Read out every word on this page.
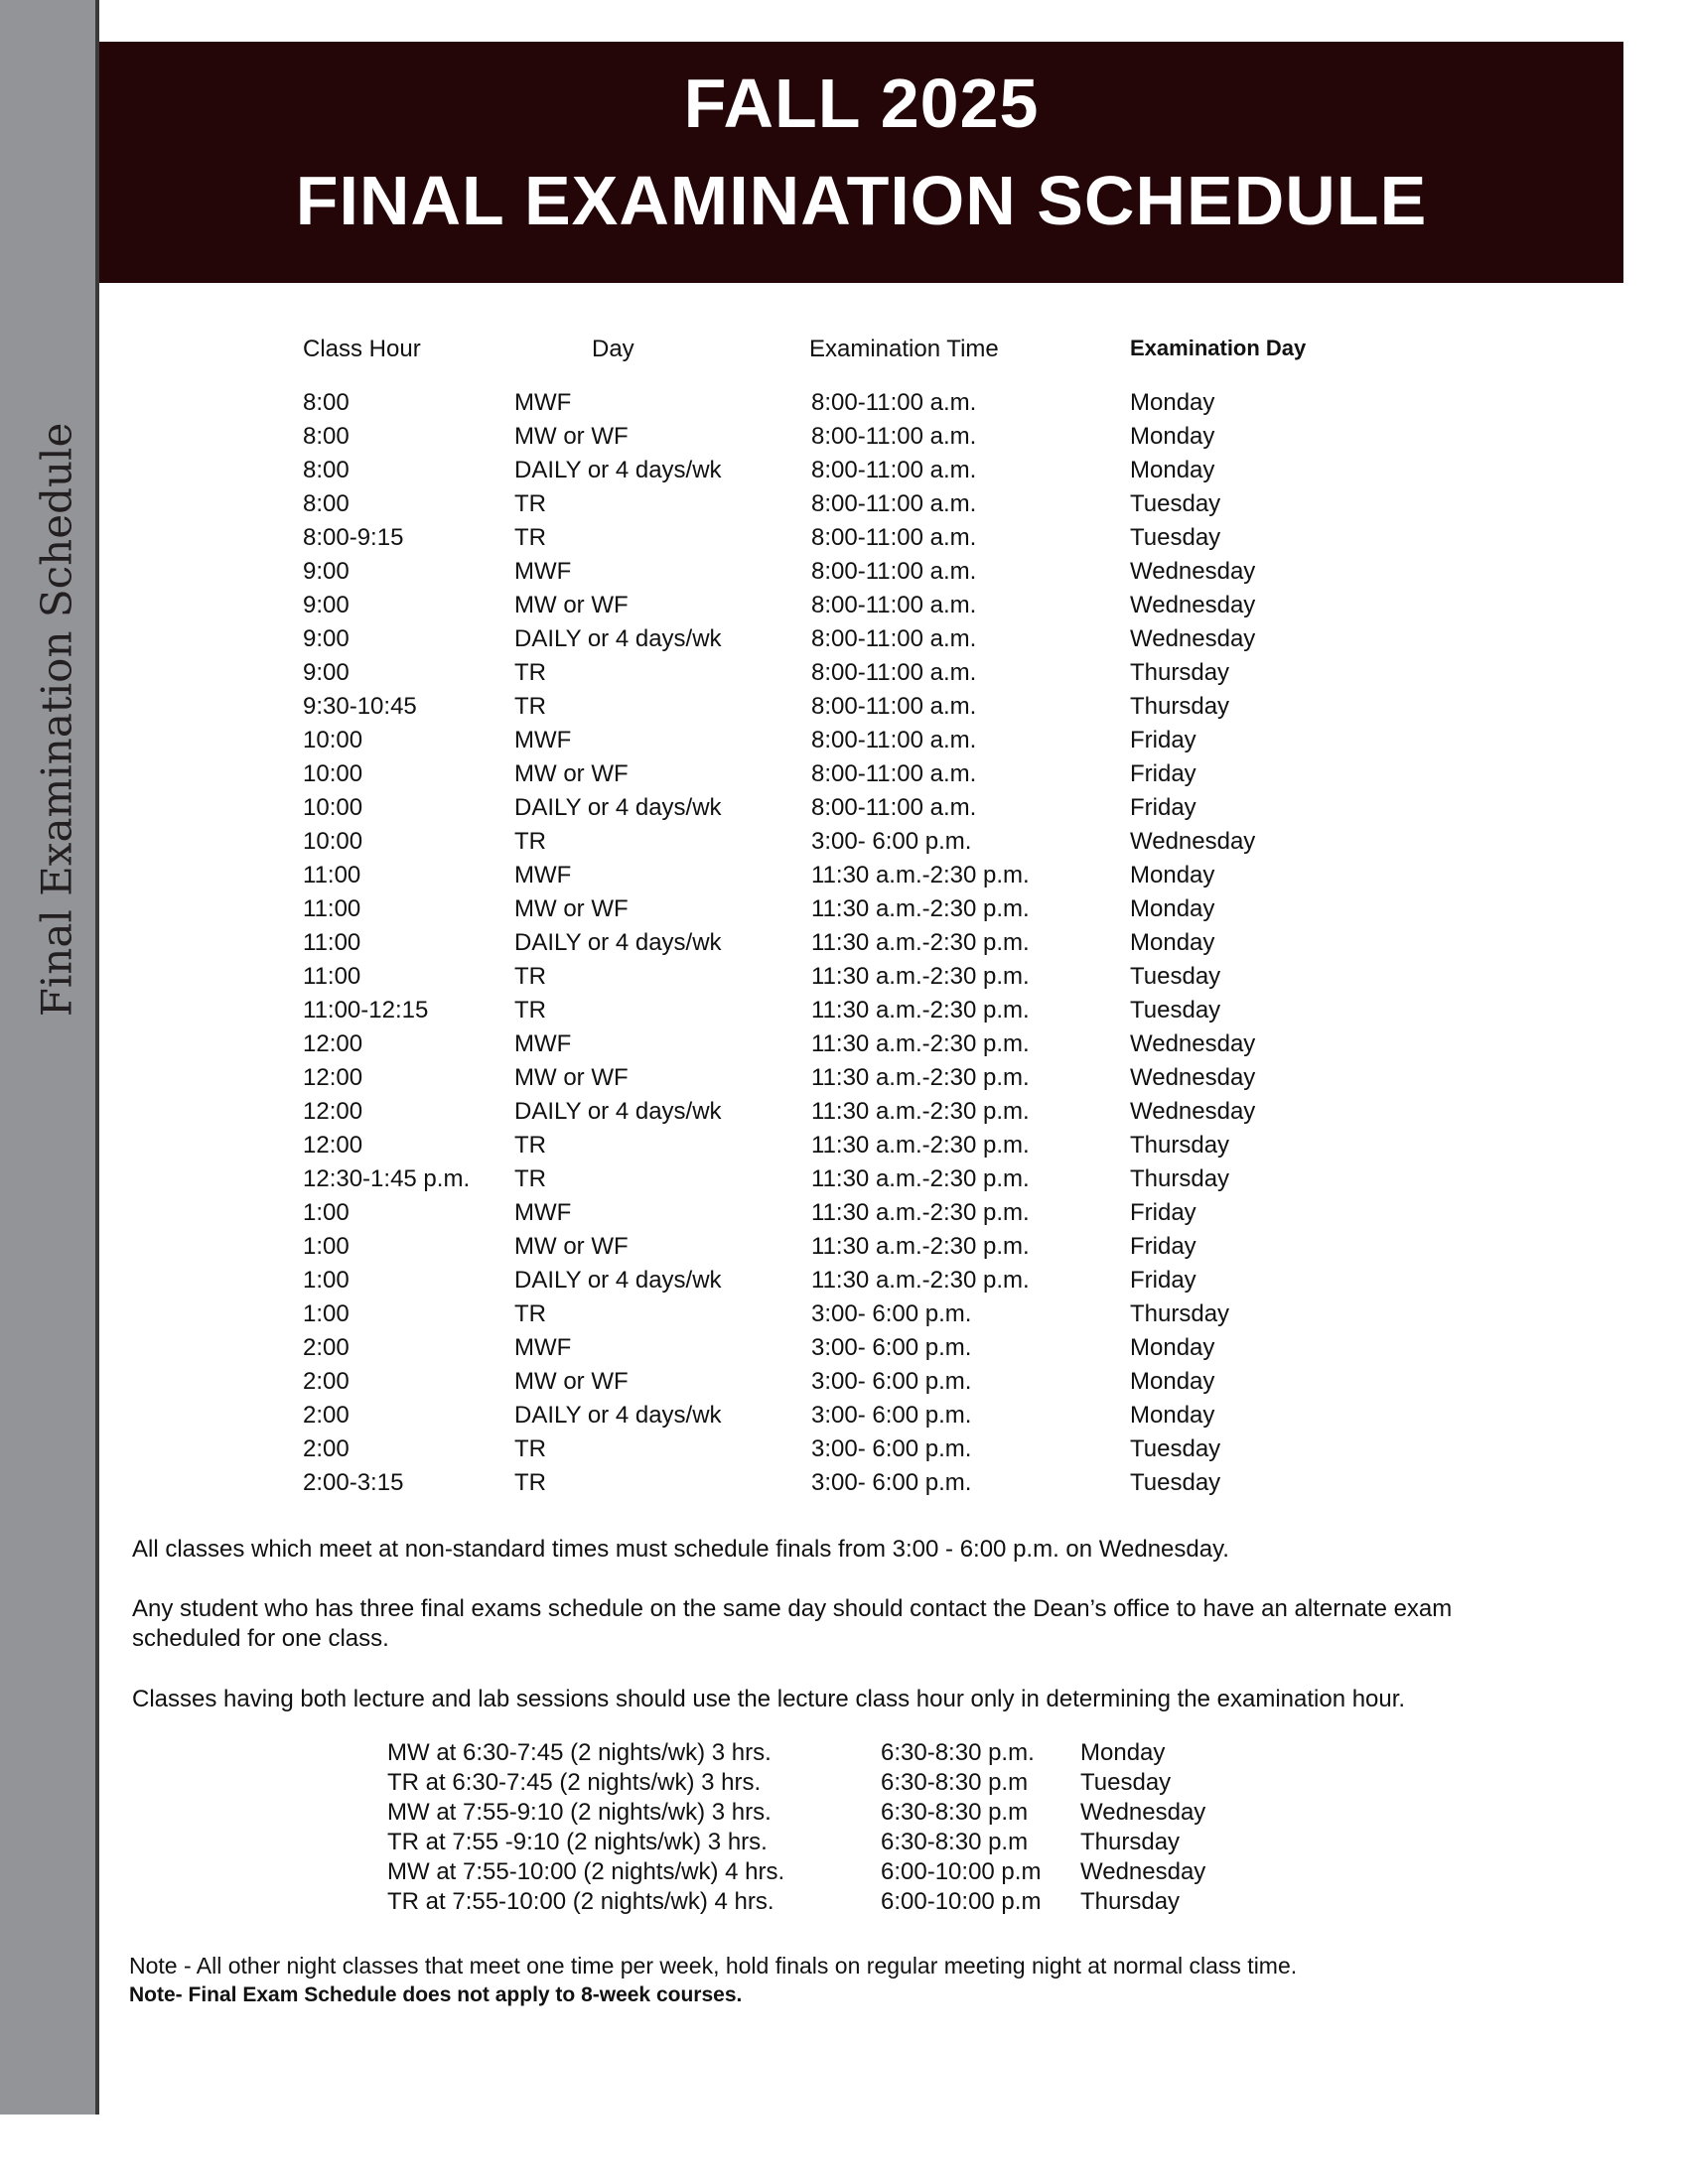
Final Examination Schedule
FALL 2025
FINAL EXAMINATION SCHEDULE
Class Hour	Day	Examination Time	Examination Day
8:00	MWF	8:00-11:00 a.m.	Monday
8:00	MW or WF	8:00-11:00 a.m.	Monday
8:00	DAILY or 4 days/wk	8:00-11:00 a.m.	Monday
8:00	TR	8:00-11:00 a.m.	Tuesday
8:00-9:15	TR	8:00-11:00 a.m.	Tuesday
9:00	MWF	8:00-11:00 a.m.	Wednesday
9:00	MW or WF	8:00-11:00 a.m.	Wednesday
9:00	DAILY or 4 days/wk	8:00-11:00 a.m.	Wednesday
9:00	TR	8:00-11:00 a.m.	Thursday
9:30-10:45	TR	8:00-11:00 a.m.	Thursday
10:00	MWF	8:00-11:00 a.m.	Friday
10:00	MW or WF	8:00-11:00 a.m.	Friday
10:00	DAILY or 4 days/wk	8:00-11:00 a.m.	Friday
10:00	TR	3:00- 6:00 p.m.	Wednesday
11:00	MWF	11:30 a.m.-2:30 p.m.	Monday
11:00	MW or WF	11:30 a.m.-2:30 p.m.	Monday
11:00	DAILY or 4 days/wk	11:30 a.m.-2:30 p.m.	Monday
11:00	TR	11:30 a.m.-2:30 p.m.	Tuesday
11:00-12:15	TR	11:30 a.m.-2:30 p.m.	Tuesday
12:00	MWF	11:30 a.m.-2:30 p.m.	Wednesday
12:00	MW or WF	11:30 a.m.-2:30 p.m.	Wednesday
12:00	DAILY or 4 days/wk	11:30 a.m.-2:30 p.m.	Wednesday
12:00	TR	11:30 a.m.-2:30 p.m.	Thursday
12:30-1:45 p.m. TR	11:30 a.m.-2:30 p.m.	Thursday
1:00	MWF	11:30 a.m.-2:30 p.m.	Friday
1:00	MW or WF	11:30 a.m.-2:30 p.m.	Friday
1:00	DAILY or 4 days/wk	11:30 a.m.-2:30 p.m.	Friday
1:00	TR	3:00- 6:00 p.m.	Thursday
2:00	MWF	3:00- 6:00 p.m.	Monday
2:00	MW or WF	3:00- 6:00 p.m.	Monday
2:00	DAILY or 4 days/wk	3:00- 6:00 p.m.	Monday
2:00	TR	3:00- 6:00 p.m.	Tuesday
2:00-3:15	TR	3:00- 6:00 p.m.	Tuesday
All classes which meet at non-standard times must schedule finals from 3:00 - 6:00 p.m. on Wednesday.
Any student who has three final exams schedule on the same day should contact the Dean’s office to have an alternate exam scheduled for one class.
Classes having both lecture and lab sessions should use the lecture class hour only in determining the examination hour.
MW at 6:30-7:45 (2 nights/wk) 3 hrs.	6:30-8:30 p.m. Monday
TR at 6:30-7:45 (2 nights/wk) 3 hrs.	6:30-8:30 p.m Tuesday
MW at 7:55-9:10 (2 nights/wk) 3 hrs.	6:30-8:30 p.m Wednesday
TR at 7:55 -9:10 (2 nights/wk) 3 hrs.	6:30-8:30 p.m Thursday
MW at 7:55-10:00 (2 nights/wk) 4 hrs.	6:00-10:00 p.m Wednesday
TR at 7:55-10:00 (2 nights/wk) 4 hrs.	6:00-10:00 p.m Thursday
Note - All other night classes that meet one time per week, hold finals on regular meeting night at normal class time.
Note- Final Exam Schedule does not apply to 8-week courses.
